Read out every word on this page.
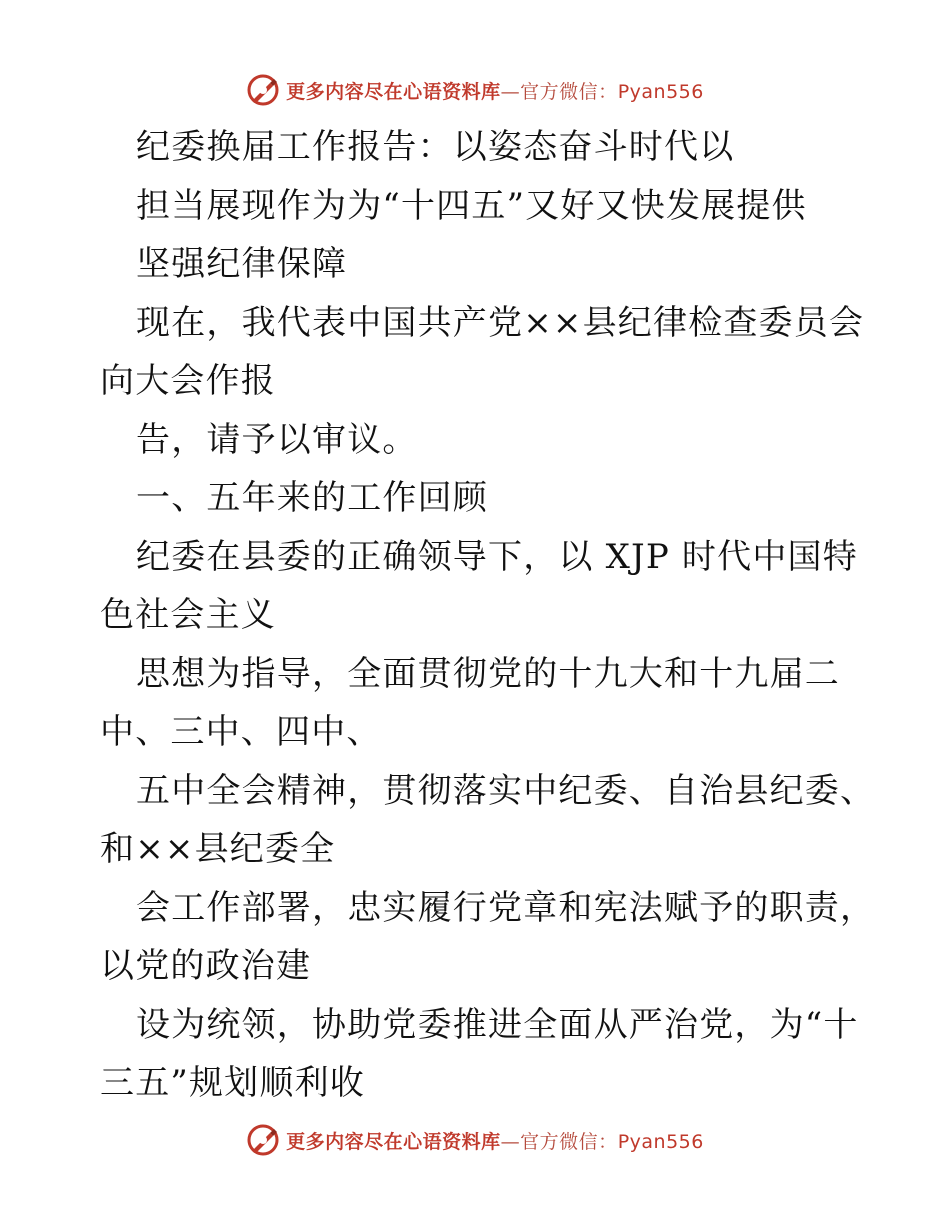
更多内容尽在心语资料库—官方微信：Pyan556
纪委换届工作报告：以姿态奋斗时代以
担当展现作为为“十四五”又好又快发展提供
坚强纪律保障
现在，我代表中国共产党××县纪律检查委员会
向大会作报
告，请予以审议。
一、五年来的工作回顾
纪委在县委的正确领导下，以 XJP 时代中国特
色社会主义
思想为指导，全面贯彻党的十九大和十九届二
中、三中、四中、
五中全会精神，贯彻落实中纪委、自治县纪委、
和××县纪委全
会工作部署，忠实履行党章和宪法赋予的职责，
以党的政治建
设为统领，协助党委推进全面从严治党，为“十
三五”规划顺利收
更多内容尽在心语资料库—官方微信：Pyan556
